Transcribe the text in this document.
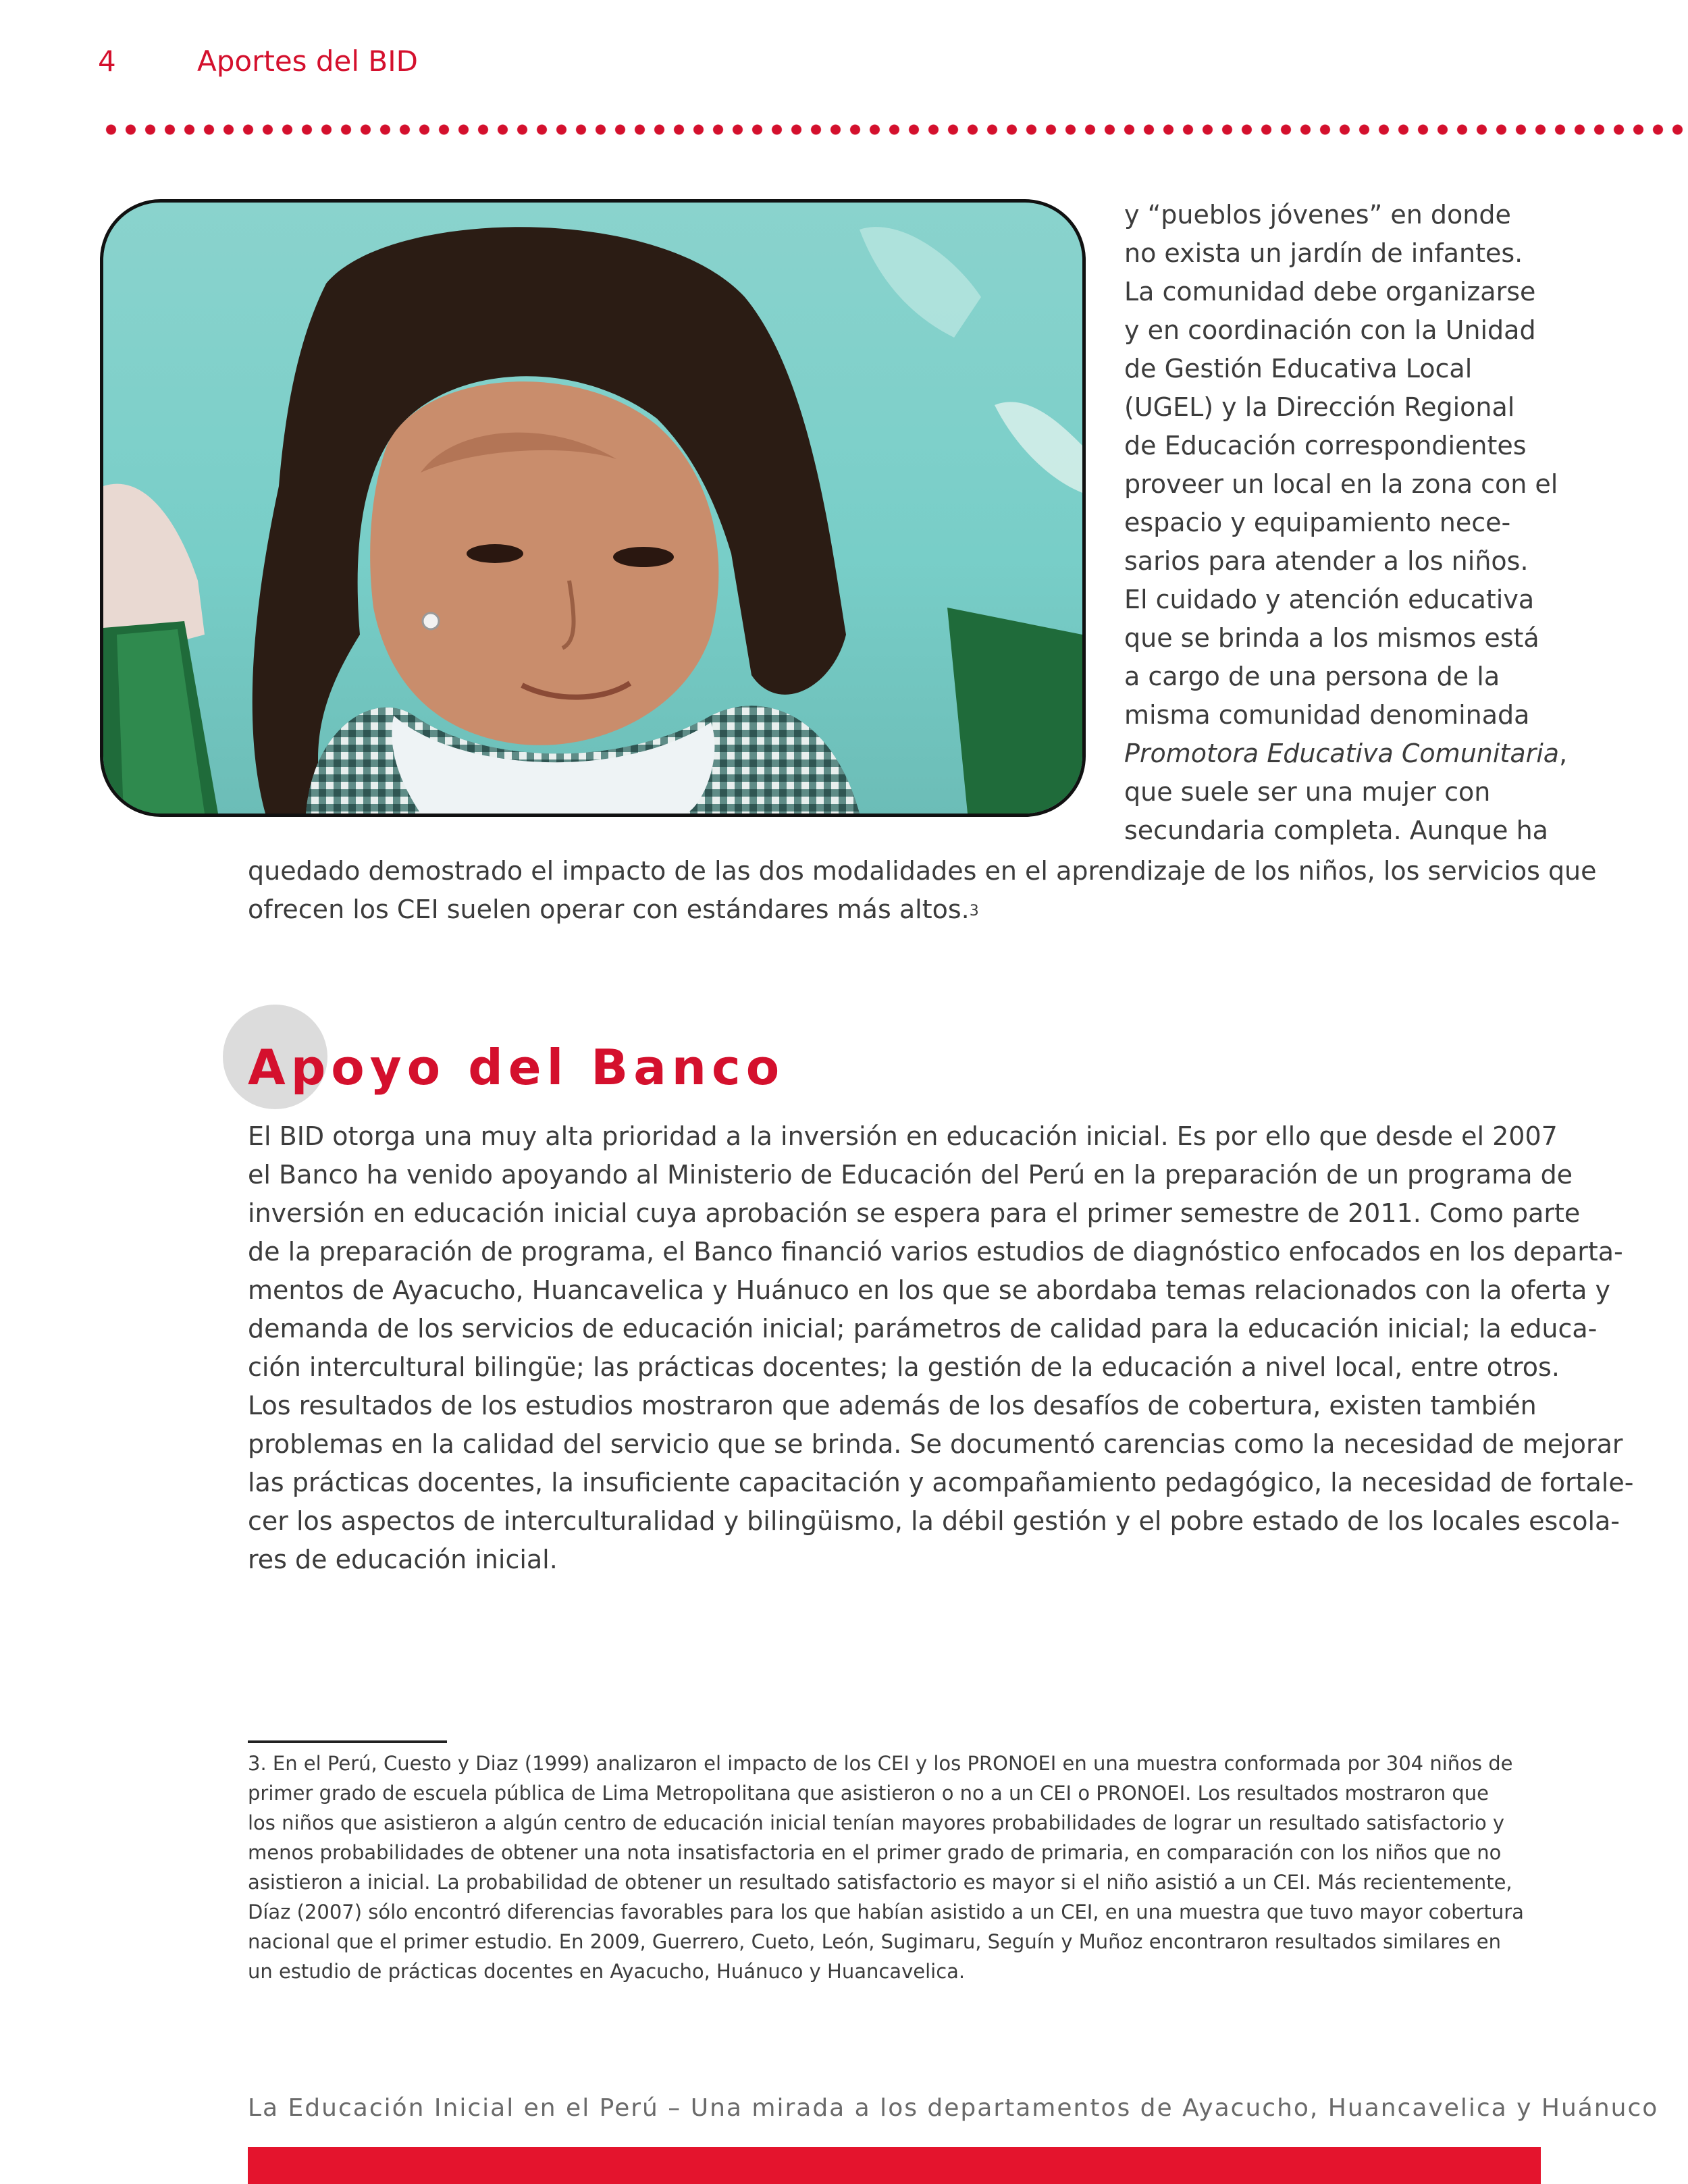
4	Aportes del BID

y “pueblos jóvenes” en donde
no exista un jardín de infantes.
La comunidad debe organizarse
y en coordinación con la Unidad
de Gestión Educativa Local
(UGEL) y la Dirección Regional
de Educación correspondientes
proveer un local en la zona con el
espacio y equipamiento nece-
sarios para atender a los niños.
El cuidado y atención educativa
que se brinda a los mismos está
a cargo de una persona de la
misma comunidad denominada
Promotora Educativa Comunitaria,
que suele ser una mujer con
secundaria completa. Aunque ha

quedado demostrado el impacto de las dos modalidades en el aprendizaje de los niños, los servicios que
ofrecen los CEI suelen operar con estándares más altos.$^3$

Apoyo del Banco

El BID otorga una muy alta prioridad a la inversión en educación inicial. Es por ello que desde el 2007
el Banco ha venido apoyando al Ministerio de Educación del Perú en la preparación de un programa de
inversión en educación inicial cuya aprobación se espera para el primer semestre de 2011. Como parte
de la preparación de programa, el Banco financió varios estudios de diagnóstico enfocados en los departa-
mentos de Ayacucho, Huancavelica y Huánuco en los que se abordaba temas relacionados con la oferta y
demanda de los servicios de educación inicial; parámetros de calidad para la educación inicial; la educa-
ción intercultural bilingüe; las prácticas docentes; la gestión de la educación a nivel local, entre otros.
Los resultados de los estudios mostraron que además de los desafíos de cobertura, existen también
problemas en la calidad del servicio que se brinda. Se documentó carencias como la necesidad de mejorar
las prácticas docentes, la insuficiente capacitación y acompañamiento pedagógico, la necesidad de fortale-
cer los aspectos de interculturalidad y bilingüismo, la débil gestión y el pobre estado de los locales escola-
res de educación inicial.

3. En el Perú, Cuesto y Diaz (1999) analizaron el impacto de los CEI y los PRONOEI en una muestra conformada por 304 niños de
primer grado de escuela pública de Lima Metropolitana que asistieron o no a un CEI o PRONOEI. Los resultados mostraron que
los niños que asistieron a algún centro de educación inicial tenían mayores probabilidades de lograr un resultado satisfactorio y
menos probabilidades de obtener una nota insatisfactoria en el primer grado de primaria, en comparación con los niños que no
asistieron a inicial. La probabilidad de obtener un resultado satisfactorio es mayor si el niño asistió a un CEI. Más recientemente,
Díaz (2007) sólo encontró diferencias favorables para los que habían asistido a un CEI, en una muestra que tuvo mayor cobertura
nacional que el primer estudio. En 2009, Guerrero, Cueto, León, Sugimaru, Seguín y Muñoz encontraron resultados similares en
un estudio de prácticas docentes en Ayacucho, Huánuco y Huancavelica.

La Educación Inicial en el Perú – Una mirada a los departamentos de Ayacucho, Huancavelica y Huánuco
